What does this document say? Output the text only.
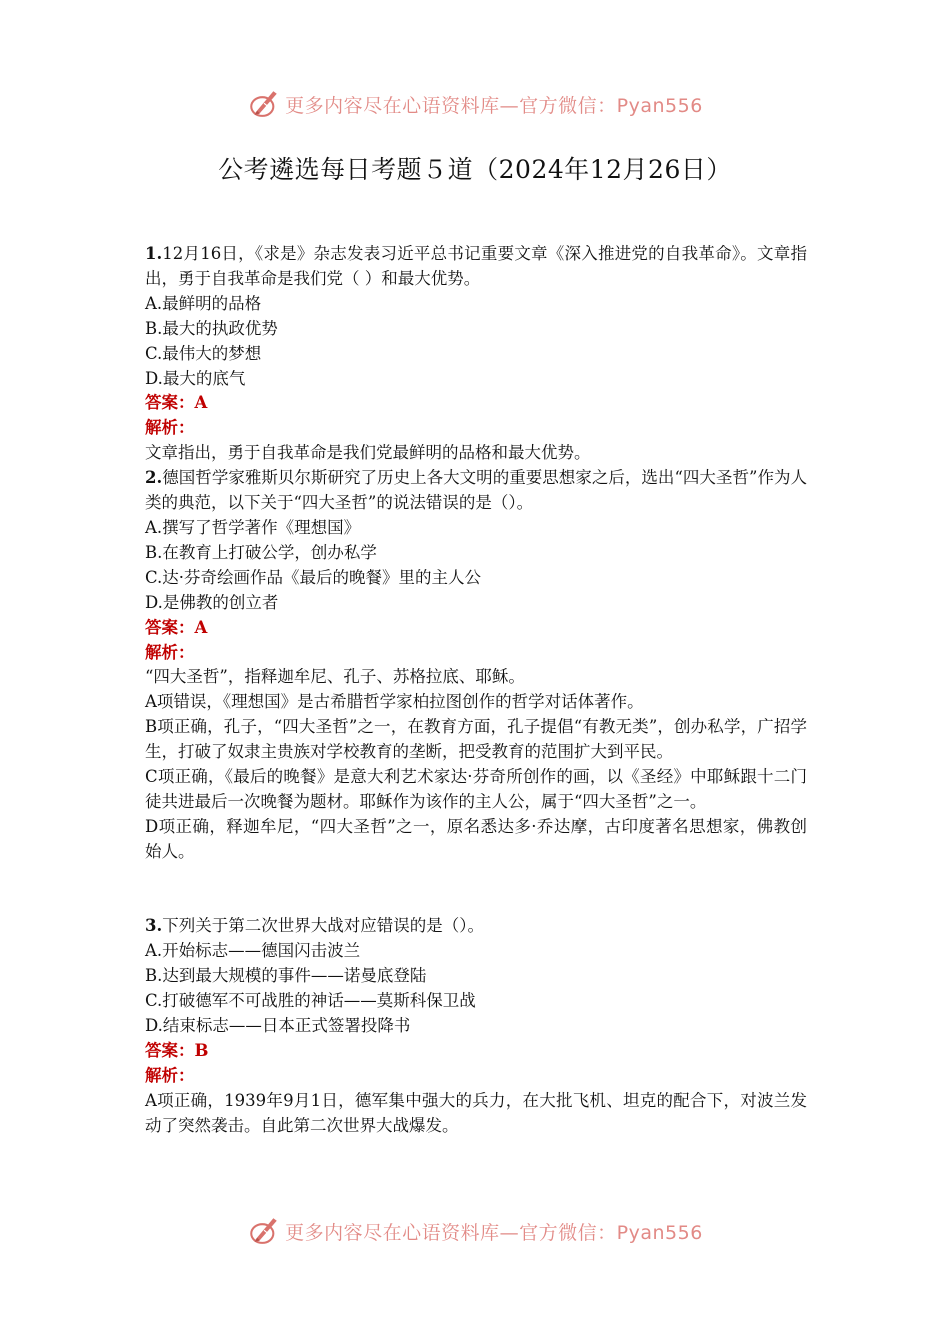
更多内容尽在心语资料库—官方微信：Pyan556
公考遴选每日考题５道（2024年12月26日）

1.12月16日，《求是》杂志发表习近平总书记重要文章《深入推进党的自我革命》。文章指出，勇于自我革命是我们党（ ）和最大优势。

A.最鲜明的品格

B.最大的执政优势

C.最伟大的梦想

D.最大的底气

答案：A

解析：

文章指出，勇于自我革命是我们党最鲜明的品格和最大优势。

2.德国哲学家雅斯贝尔斯研究了历史上各大文明的重要思想家之后，选出“四大圣哲”作为人类的典范，以下关于“四大圣哲”的说法错误的是（）。

A.撰写了哲学著作《理想国》

B.在教育上打破公学，创办私学

C.达·芬奇绘画作品《最后的晚餐》里的主人公

D.是佛教的创立者

答案：A

解析：

“四大圣哲”，指释迦牟尼、孔子、苏格拉底、耶稣。

A项错误，《理想国》是古希腊哲学家柏拉图创作的哲学对话体著作。

B项正确，孔子，“四大圣哲”之一，在教育方面，孔子提倡“有教无类”，创办私学，广招学生，打破了奴隶主贵族对学校教育的垄断，把受教育的范围扩大到平民。

C项正确，《最后的晚餐》是意大利艺术家达·芬奇所创作的画，以《圣经》中耶稣跟十二门徒共进最后一次晚餐为题材。耶稣作为该作的主人公，属于“四大圣哲”之一。

D项正确，释迦牟尼，“四大圣哲”之一，原名悉达多·乔达摩，古印度著名思想家，佛教创始人。

3.下列关于第二次世界大战对应错误的是（）。

A.开始标志——德国闪击波兰

B.达到最大规模的事件——诺曼底登陆

C.打破德军不可战胜的神话——莫斯科保卫战

D.结束标志——日本正式签署投降书

答案：B

解析：

A项正确，1939年9月1日，德军集中强大的兵力，在大批飞机、坦克的配合下，对波兰发动了突然袭击。自此第二次世界大战爆发。

更多内容尽在心语资料库—官方微信：Pyan556
